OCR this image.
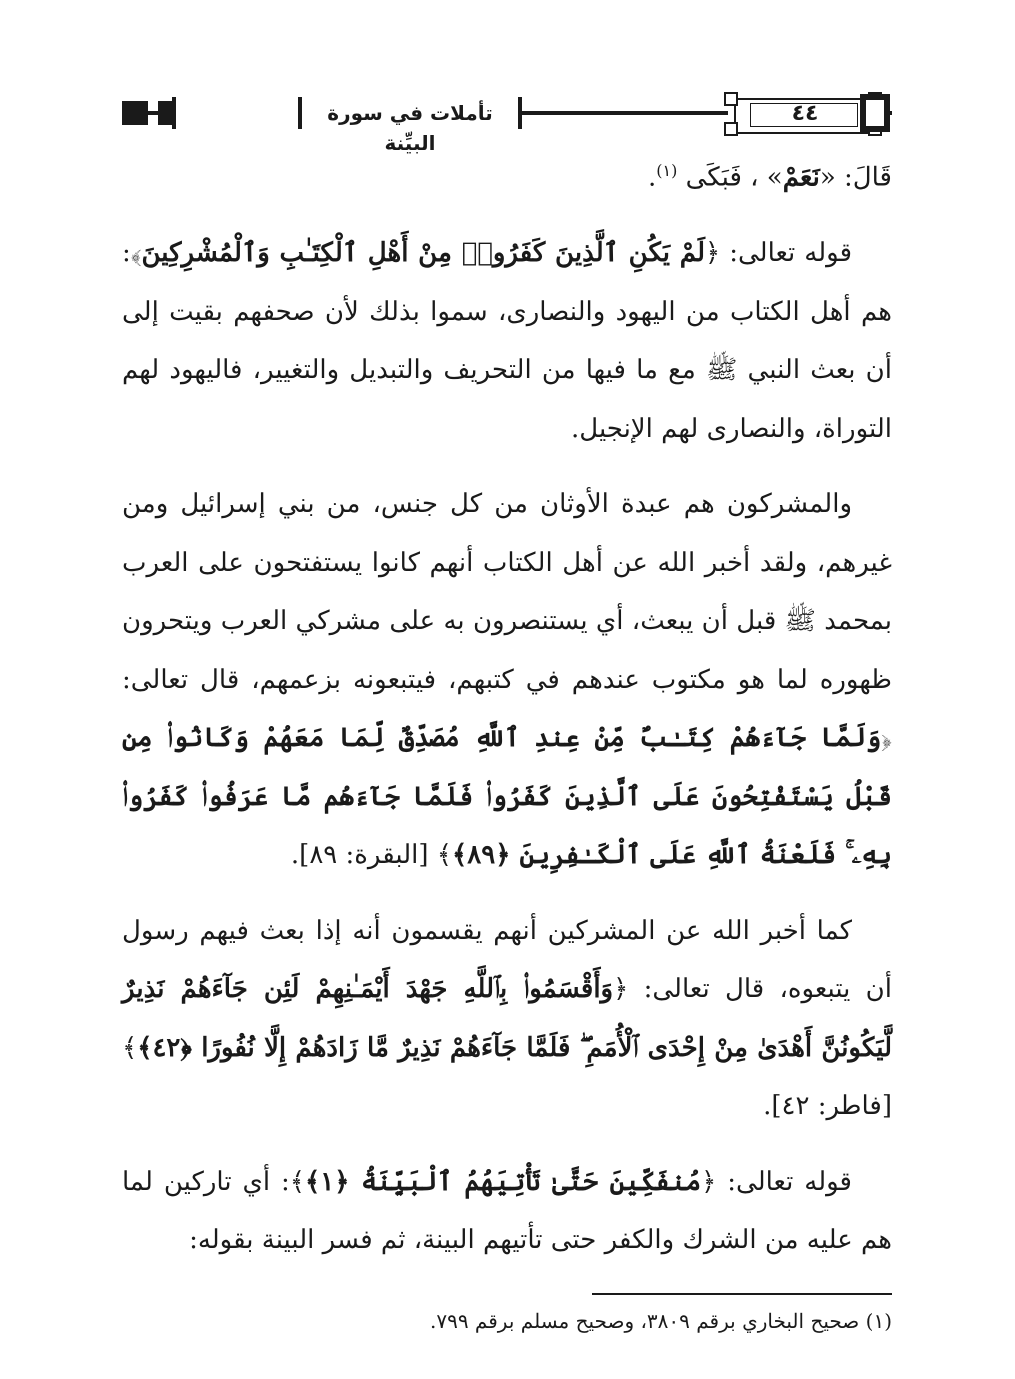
تأملات في سورة البيِّنة
٤٤

قَالَ: «نَعَمْ» ، فَبَكَى $^{(١)}$.

قوله تعالى: ﴿لَمْ يَكُنِ ٱلَّذِينَ كَفَرُوا۟ مِنْ أَهْلِ ٱلْكِتَـٰبِ وَٱلْمُشْرِكِينَ﴾: هم أهل الكتاب من اليهود والنصارى، سموا بذلك لأن صحفهم بقيت إلى أن بعث النبي ﷺ مع ما فيها من التحريف والتبديل والتغيير، فاليهود لهم التوراة، والنصارى لهم الإنجيل.

والمشركون هم عبدة الأوثان من كل جنس، من بني إسرائيل ومن غيرهم، ولقد أخبر الله عن أهل الكتاب أنهم كانوا يستفتحون على العرب بمحمد ﷺ قبل أن يبعث، أي يستنصرون به على مشركي العرب ويتحرون ظهوره لما هو مكتوب عندهم في كتبهم، فيتبعونه بزعمهم، قال تعالى: ﴿وَلَمَّا جَآءَهُمْ كِتَـٰبٌ مِّنْ عِندِ ٱللَّهِ مُصَدِّقٌ لِّمَا مَعَهُمْ وَكَانُوا۟ مِن قَبْلُ يَسْتَفْتِحُونَ عَلَى ٱلَّذِينَ كَفَرُوا۟ فَلَمَّا جَآءَهُم مَّا عَرَفُوا۟ كَفَرُوا۟ بِهِۦ ۚ فَلَعْنَةُ ٱللَّهِ عَلَى ٱلْكَـٰفِرِينَ ﴿٨٩﴾﴾ [البقرة: ٨٩].

كما أخبر الله عن المشركين أنهم يقسمون أنه إذا بعث فيهم رسول أن يتبعوه، قال تعالى: ﴿وَأَقْسَمُوا۟ بِٱللَّهِ جَهْدَ أَيْمَـٰنِهِمْ لَئِن جَآءَهُمْ نَذِيرٌ لَّيَكُونُنَّ أَهْدَىٰ مِنْ إِحْدَى ٱلْأُمَمِ ۖ فَلَمَّا جَآءَهُمْ نَذِيرٌ مَّا زَادَهُمْ إِلَّا نُفُورًا ﴿٤٢﴾﴾ [فاطر: ٤٢].

قوله تعالى: ﴿مُنفَكِّينَ حَتَّىٰ تَأْتِيَهُمُ ٱلْبَيِّنَةُ ﴿١﴾﴾: أي تاركين لما هم عليه من الشرك والكفر حتى تأتيهم البينة، ثم فسر البينة بقوله:

(١) صحيح البخاري برقم ٣٨٠٩، وصحيح مسلم برقم ٧٩٩.
